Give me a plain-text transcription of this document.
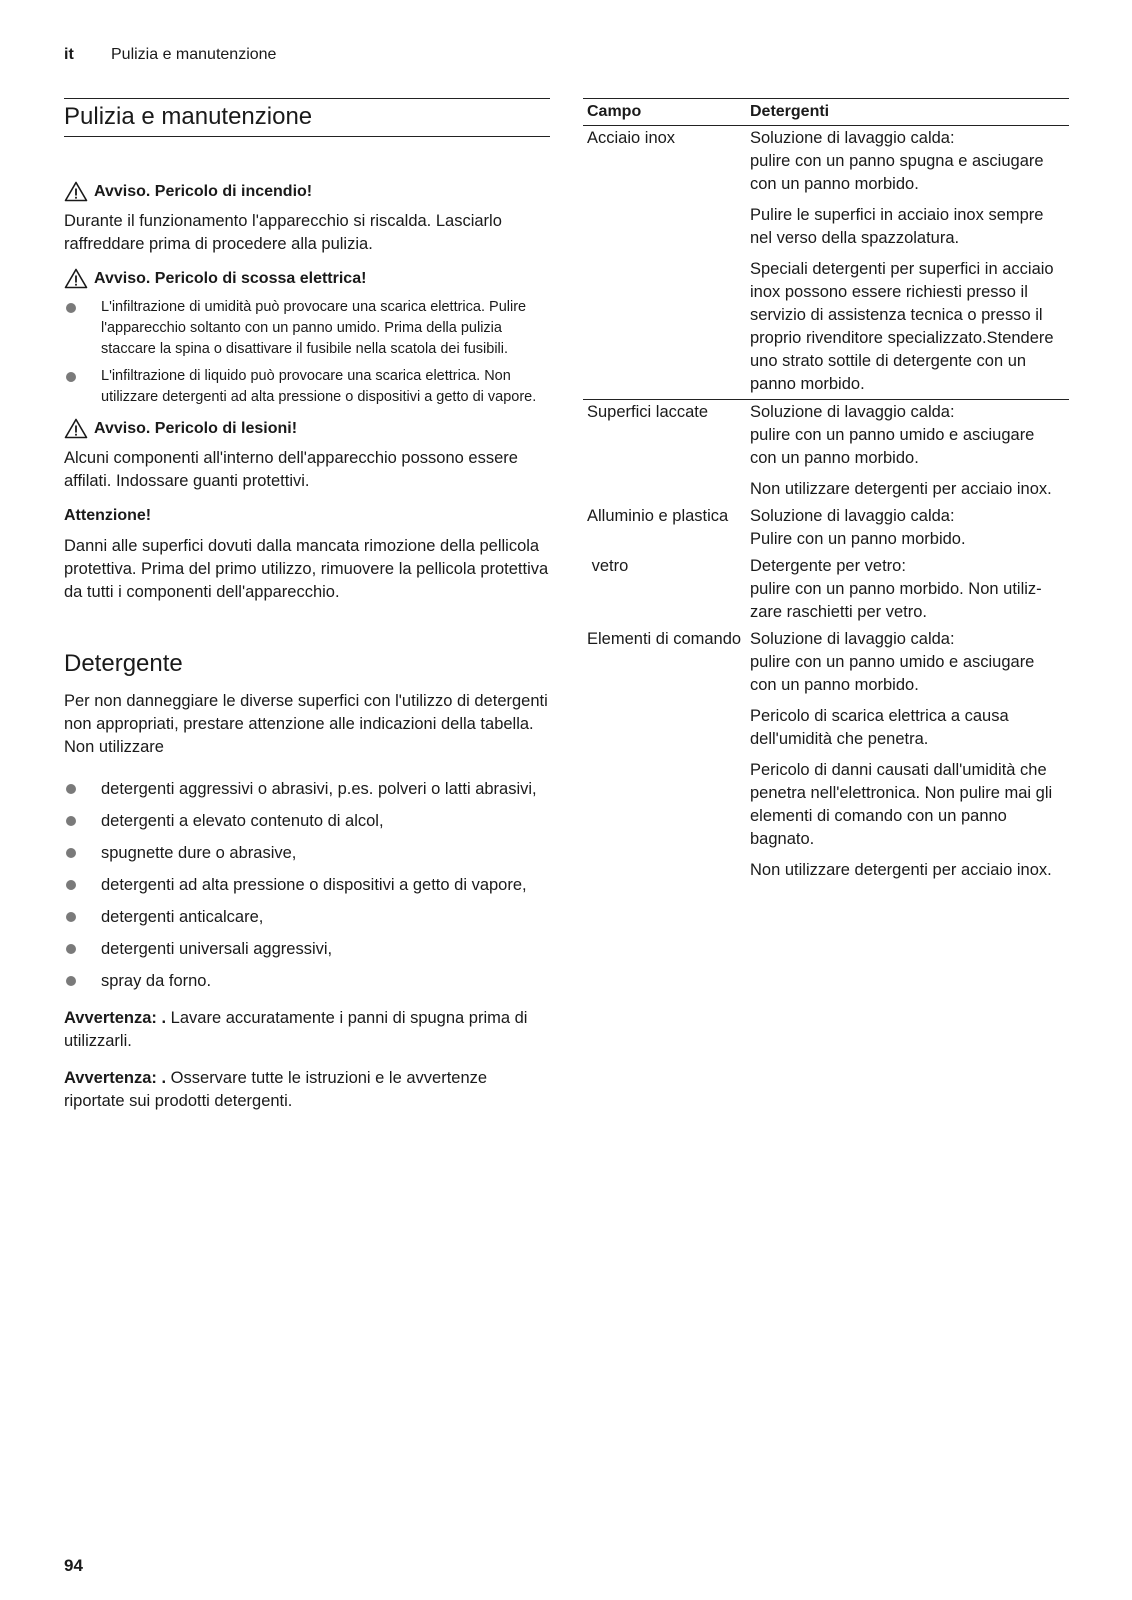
it Pulizia e manutenzione
Pulizia e manutenzione
Avviso. Pericolo di incendio!

Durante il funzionamento l'apparecchio si riscalda. Lasciarlo raffreddare prima di procedere alla pulizia.

Avviso. Pericolo di scossa elettrica!
L'infiltrazione di umidità può provocare una scarica elettrica. Pulire l'apparecchio soltanto con un panno umido. Prima della pulizia staccare la spina o disattivare il fusibile nella scatola dei fusibili.
L'infiltrazione di liquido può provocare una scarica elettrica. Non utilizzare detergenti ad alta pressione o dispositivi a getto di vapore.
Avviso. Pericolo di lesioni!

Alcuni componenti all'interno dell'apparecchio possono essere affilati. Indossare guanti protettivi.

Attenzione!

Danni alle superfici dovuti dalla mancata rimozione della pellicola protettiva. Prima del primo utilizzo, rimuovere la pellicola protettiva da tutti i componenti dell'apparecchio.

Detergente

Per non danneggiare le diverse superfici con l'utilizzo di detergenti non appropriati, prestare attenzione alle indicazioni della tabella. Non utilizzare

detergenti aggressivi o abrasivi, p.es. polveri o latti abrasivi,
detergenti a elevato contenuto di alcol,
spugnette dure o abrasive,
detergenti ad alta pressione o dispositivi a getto di vapore,
detergenti anticalcare,
detergenti universali aggressivi,
spray da forno.

Avvertenza: . Lavare accuratamente i panni di spugna prima di utilizzarli.

Avvertenza: . Osservare tutte le istruzioni e le avvertenze riportate sui prodotti detergenti.

Campo	Detergenti
Acciaio inox	Soluzione di lavaggio calda:
pulire con un panno spugna e asciugare con un panno morbido.

Pulire le superfici in acciaio inox sempre nel verso della spazzolatura.

Speciali detergenti per superfici in acciaio inox possono essere richiesti presso il servizio di assistenza tecnica o presso il proprio rivenditore specializzato.Stendere uno strato sottile di detergente con un panno morbido.

Superfici laccate	Soluzione di lavaggio calda:
pulire con un panno umido e asciugare con un panno morbido.

Non utilizzare detergenti per acciaio inox.

Alluminio e plastica	Soluzione di lavaggio calda:
Pulire con un panno morbido.

vetro	Detergente per vetro:
pulire con un panno morbido. Non utilizzare raschietti per vetro.

Elementi di comando	Soluzione di lavaggio calda:
pulire con un panno umido e asciugare con un panno morbido.

Pericolo di scarica elettrica a causa dell'umidità che penetra.

Pericolo di danni causati dall'umidità che penetra nell'elettronica. Non pulire mai gli elementi di comando con un panno bagnato.

Non utilizzare detergenti per acciaio inox.

94
